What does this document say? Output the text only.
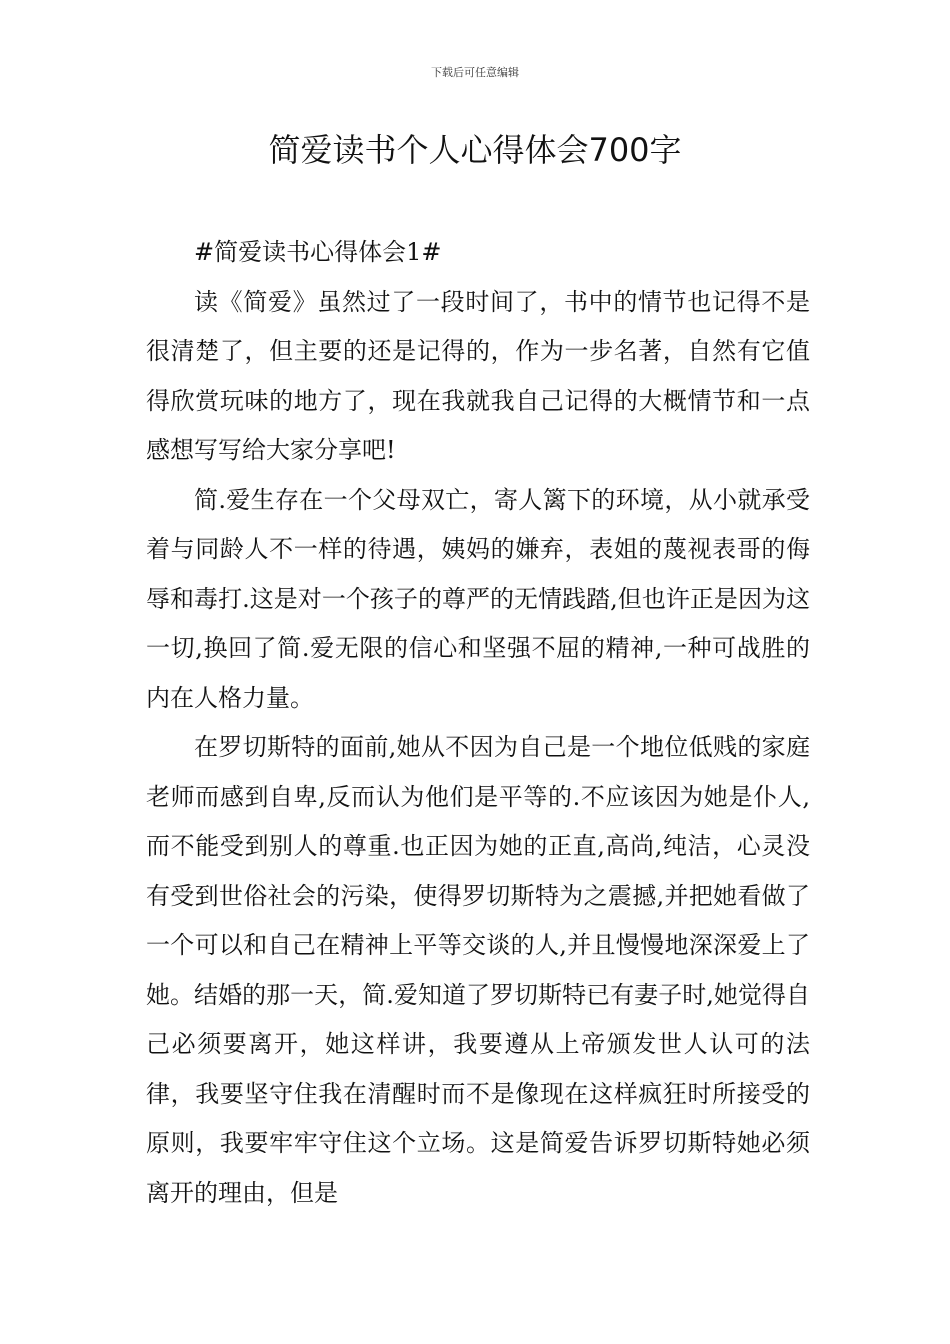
下载后可任意编辑
简爱读书个人心得体会700字

#简爱读书心得体会1#

读《简爱》虽然过了一段时间了，书中的情节也记得不是很清楚了，但主要的还是记得的，作为一步名著，自然有它值得欣赏玩味的地方了，现在我就我自己记得的大概情节和一点感想写写给大家分享吧!

简.爱生存在一个父母双亡，寄人篱下的环境，从小就承受着与同龄人不一样的待遇，姨妈的嫌弃，表姐的蔑视表哥的侮辱和毒打.这是对一个孩子的尊严的无情践踏,但也许正是因为这一切,换回了简.爱无限的信心和坚强不屈的精神,一种可战胜的内在人格力量。

在罗切斯特的面前,她从不因为自己是一个地位低贱的家庭老师而感到自卑,反而认为他们是平等的.不应该因为她是仆人,而不能受到别人的尊重.也正因为她的正直,高尚,纯洁，心灵没有受到世俗社会的污染，使得罗切斯特为之震撼,并把她看做了一个可以和自己在精神上平等交谈的人,并且慢慢地深深爱上了她。结婚的那一天，简.爱知道了罗切斯特已有妻子时,她觉得自己必须要离开，她这样讲，我要遵从上帝颁发世人认可的法律，我要坚守住我在清醒时而不是像现在这样疯狂时所接受的原则，我要牢牢守住这个立场。这是简爱告诉罗切斯特她必须离开的理由，但是
